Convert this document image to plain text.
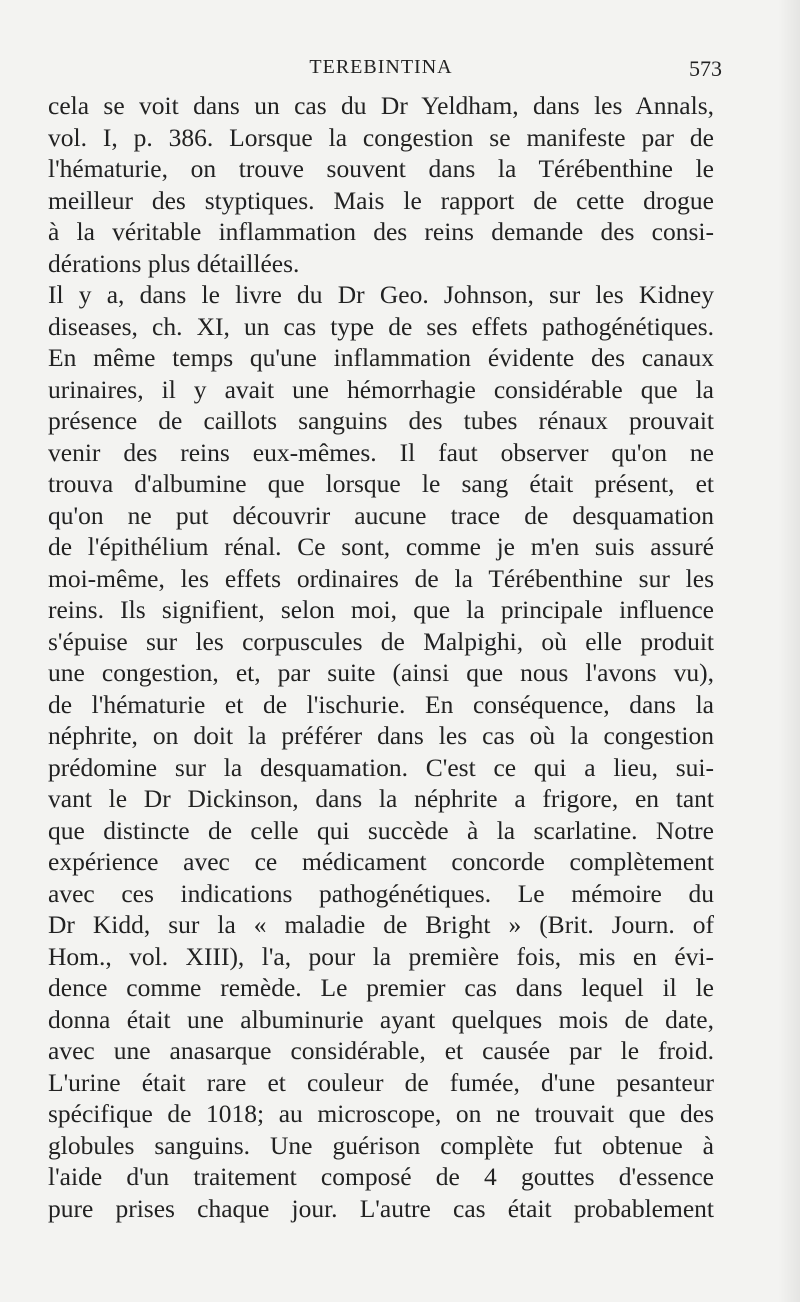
TEREBINTINA	573
cela se voit dans un cas du Dr Yeldham, dans les Annals,
vol. I, p. 386. Lorsque la congestion se manifeste par de
l'hématurie, on trouve souvent dans la Térébenthine le
meilleur des styptiques. Mais le rapport de cette drogue
à la véritable inflammation des reins demande des consi-
dérations plus détaillées.
Il y a, dans le livre du Dr Geo. Johnson, sur les Kidney
diseases, ch. XI, un cas type de ses effets pathogénétiques.
En même temps qu'une inflammation évidente des canaux
urinaires, il y avait une hémorrhagie considérable que la
présence de caillots sanguins des tubes rénaux prouvait
venir des reins eux-mêmes. Il faut observer qu'on ne
trouva d'albumine que lorsque le sang était présent, et
qu'on ne put découvrir aucune trace de desquamation
de l'épithélium rénal. Ce sont, comme je m'en suis assuré
moi-même, les effets ordinaires de la Térébenthine sur les
reins. Ils signifient, selon moi, que la principale influence
s'épuise sur les corpuscules de Malpighi, où elle produit
une congestion, et, par suite (ainsi que nous l'avons vu),
de l'hématurie et de l'ischurie. En conséquence, dans la
néphrite, on doit la préférer dans les cas où la congestion
prédomine sur la desquamation. C'est ce qui a lieu, sui-
vant le Dr Dickinson, dans la néphrite a frigore, en tant
que distincte de celle qui succède à la scarlatine. Notre
expérience avec ce médicament concorde complètement
avec ces indications pathogénétiques. Le mémoire du
Dr Kidd, sur la « maladie de Bright » (Brit. Journ. of
Hom., vol. XIII), l'a, pour la première fois, mis en évi-
dence comme remède. Le premier cas dans lequel il le
donna était une albuminurie ayant quelques mois de date,
avec une anasarque considérable, et causée par le froid.
L'urine était rare et couleur de fumée, d'une pesanteur
spécifique de 1018; au microscope, on ne trouvait que des
globules sanguins. Une guérison complète fut obtenue à
l'aide d'un traitement composé de 4 gouttes d'essence
pure prises chaque jour. L'autre cas était probablement
